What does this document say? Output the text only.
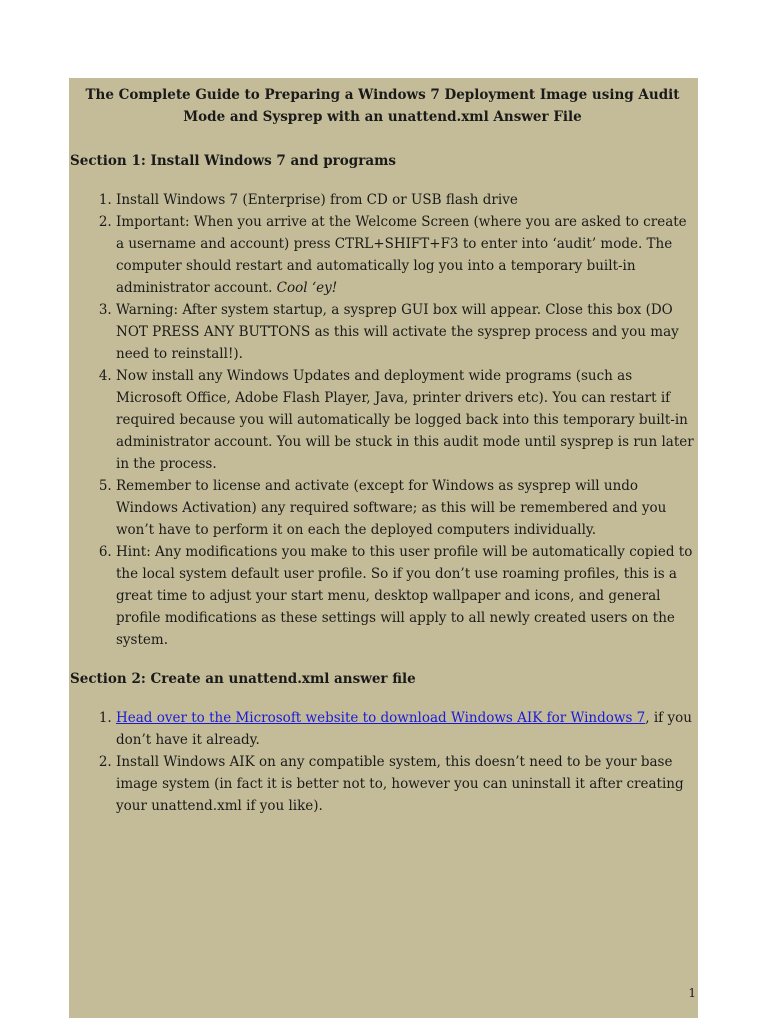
The Complete Guide to Preparing a Windows 7 Deployment Image using Audit Mode and Sysprep with an unattend.xml Answer File
Section 1: Install Windows 7 and programs
1. Install Windows 7 (Enterprise) from CD or USB flash drive
2. Important: When you arrive at the Welcome Screen (where you are asked to create a username and account) press CTRL+SHIFT+F3 to enter into ‘audit’ mode. The computer should restart and automatically log you into a temporary built-in administrator account. Cool ‘ey!
3. Warning: After system startup, a sysprep GUI box will appear. Close this box (DO NOT PRESS ANY BUTTONS as this will activate the sysprep process and you may need to reinstall!).
4. Now install any Windows Updates and deployment wide programs (such as Microsoft Office, Adobe Flash Player, Java, printer drivers etc). You can restart if required because you will automatically be logged back into this temporary built-in administrator account. You will be stuck in this audit mode until sysprep is run later in the process.
5. Remember to license and activate (except for Windows as sysprep will undo Windows Activation) any required software; as this will be remembered and you won’t have to perform it on each the deployed computers individually.
6. Hint: Any modifications you make to this user profile will be automatically copied to the local system default user profile. So if you don’t use roaming profiles, this is a great time to adjust your start menu, desktop wallpaper and icons, and general profile modifications as these settings will apply to all newly created users on the system.
Section 2: Create an unattend.xml answer file
1. Head over to the Microsoft website to download Windows AIK for Windows 7, if you don’t have it already.
2. Install Windows AIK on any compatible system, this doesn’t need to be your base image system (in fact it is better not to, however you can uninstall it after creating your unattend.xml if you like).
1
